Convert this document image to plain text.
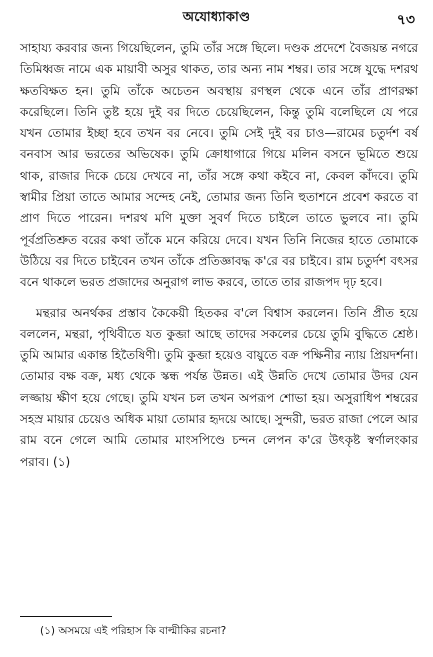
অযোধ্যাকাণ্ড	৭৩

সাহায্য করবার জন্য গিয়েছিলেন, তুমি তাঁর সঙ্গে ছিলে। দণ্ডক প্রদেশে বৈজয়ন্ত নগরে তিমিধ্বজ নামে এক মায়াবী অসুর থাকত, তার অন্য নাম শম্বর। তার সঙ্গে যুদ্ধে দশরথ ক্ষতবিক্ষত হন। তুমি তাঁকে অচেতন অবস্থায় রণস্থল থেকে এনে তাঁর প্রাণরক্ষা করেছিলে। তিনি তুষ্ট হয়ে দুই বর দিতে চেয়েছিলেন, কিন্তু তুমি বলেছিলে যে পরে যখন তোমার ইচ্ছা হবে তখন বর নেবে। তুমি সেই দুই বর চাও—রামের চতুর্দশ বর্ষ বনবাস আর ভরতের অভিষেক। তুমি ক্রোধাগারে গিয়ে মলিন বসনে ভূমিতে শুয়ে থাক, রাজার দিকে চেয়ে দেখবে না, তাঁর সঙ্গে কথা কইবে না, কেবল কাঁদবে। তুমি স্বামীর প্রিয়া তাতে আমার সন্দেহ নেই, তোমার জন্য তিনি হুতাশনে প্রবেশ করতে বা প্রাণ দিতে পারেন। দশরথ মণি মুক্তা সুবর্ণ দিতে চাইলে তাতে ভুলবে না। তুমি পূর্বপ্রতিশ্রুত বরের কথা তাঁকে মনে করিয়ে দেবে। যখন তিনি নিজের হাতে তোমাকে উঠিয়ে বর দিতে চাইবেন তখন তাঁকে প্রতিজ্ঞাবদ্ধ ক'রে বর চাইবে। রাম চতুর্দশ বৎসর বনে থাকলে ভরত প্রজাদের অনুরাগ লাভ করবে, তাতে তার রাজপদ দৃঢ় হবে।

মন্থরার অনর্থকর প্রস্তাব কৈকেয়ী হিতকর ব'লে বিশ্বাস করলেন। তিনি প্রীত হয়ে বললেন, মন্থরা, পৃথিবীতে যত কুব্জা আছে তাদের সকলের চেয়ে তুমি বুদ্ধিতে শ্রেষ্ঠ। তুমি আমার একান্ত হিতৈষিণী। তুমি কুব্জা হয়েও বায়ুতে বক্র পক্ষিনীর ন্যায় প্রিয়দর্শনা। তোমার বক্ষ বক্র, মধ্য থেকে স্কন্ধ পর্যন্ত উন্নত। এই উন্নতি দেখে তোমার উদর যেন লজ্জায় ক্ষীণ হয়ে গেছে। তুমি যখন চল তখন অপরূপ শোভা হয়। অসুরাধিপ শম্বরের সহস্র মায়ার চেয়েও অধিক মায়া তোমার হৃদয়ে আছে। সুন্দরী, ভরত রাজা পেলে আর রাম বনে গেলে আমি তোমার মাংসপিণ্ডে চন্দন লেপন ক'রে উৎকৃষ্ট স্বর্ণালংকার পরাব। (১)

(১) অসময়ে এই পরিহাস কি বাল্মীকির রচনা?
